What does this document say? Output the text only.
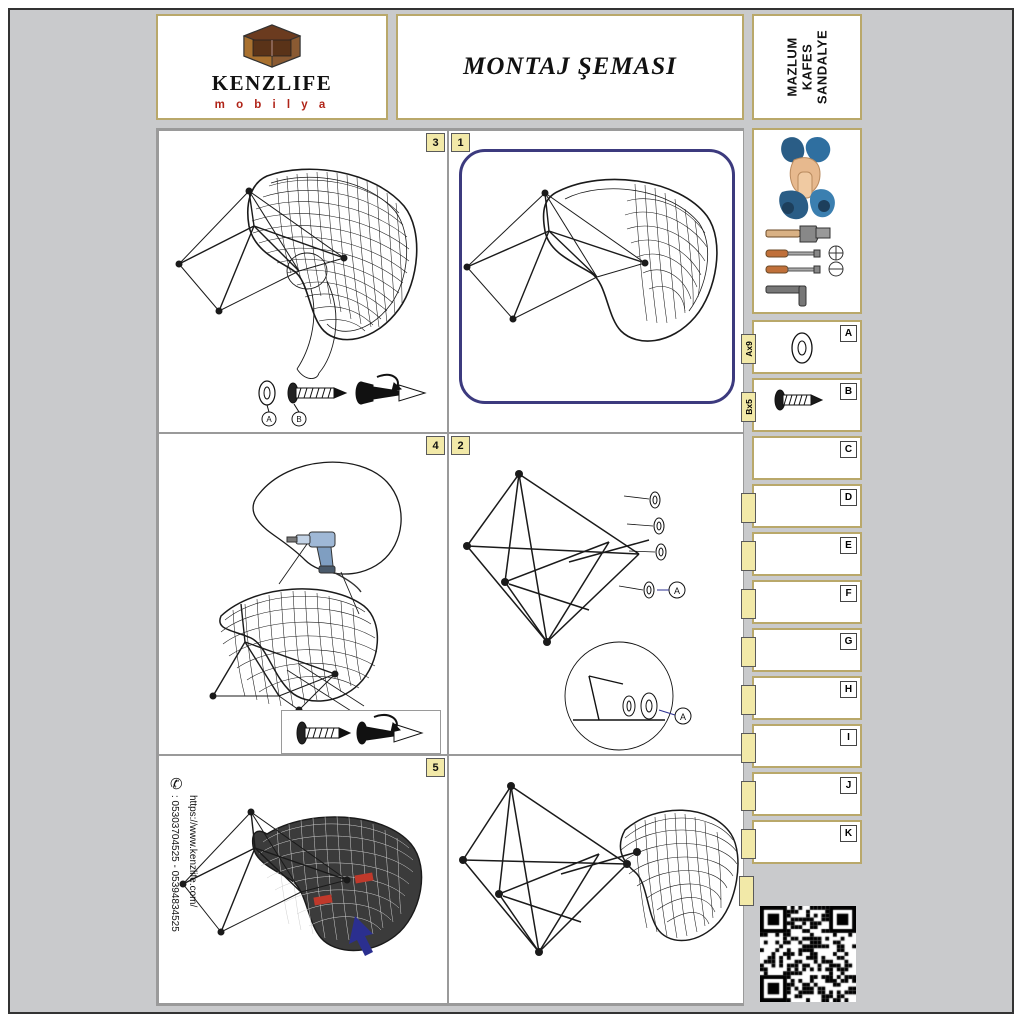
KENZLIFE
m o b i l y a
MONTAJ ŞEMASI	MAZLUM
KAFES
SANDALYE
A	B
3	1
4
A
A
2
5
✆
: 05303704525 - 05394834525 https://www.kenzlife.com/
A
Ax9
B
Bx5
C
D
E
F
G
H
I
J
K
